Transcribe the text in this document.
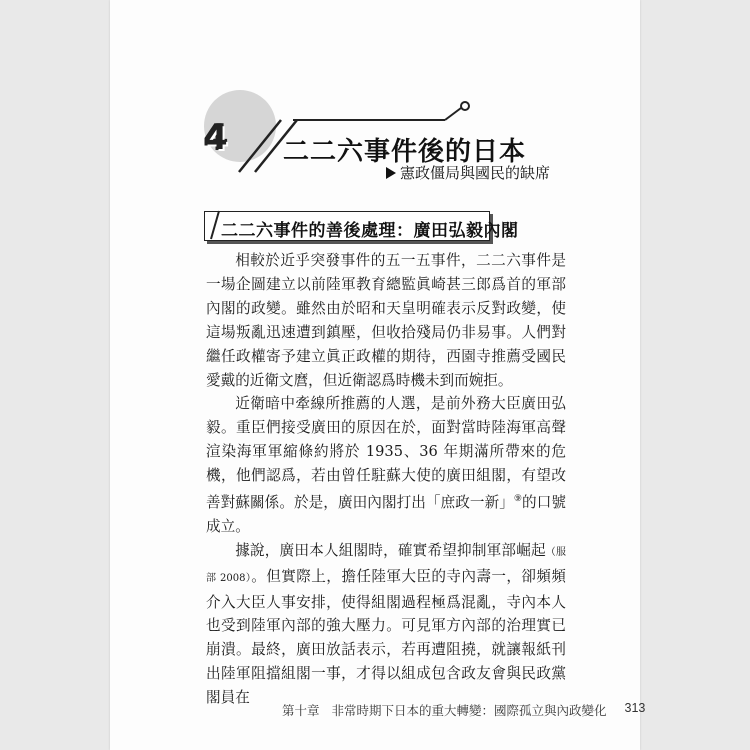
4 二二六事件後的日本
憲政僵局與國民的缺席
二二六事件的善後處理：廣田弘毅內閣

相較於近乎突發事件的五一五事件，二二六事件是一場企圖建立以前陸軍教育總監眞崎甚三郎爲首的軍部內閣的政變。雖然由於昭和天皇明確表示反對政變，使這場叛亂迅速遭到鎮壓，但收拾殘局仍非易事。人們對繼任政權寄予建立眞正政權的期待，西園寺推薦受國民愛戴的近衛文麿，但近衛認爲時機未到而婉拒。

近衛暗中牽線所推薦的人選，是前外務大臣廣田弘毅。重臣們接受廣田的原因在於，面對當時陸海軍高聲渲染海軍軍縮條約將於 1935、36 年期滿所帶來的危機，他們認爲，若由曾任駐蘇大使的廣田組閣，有望改善對蘇關係。於是，廣田內閣打出「庶政一新」⑨的口號成立。

據說，廣田本人組閣時，確實希望抑制軍部崛起（服部 2008）。但實際上，擔任陸軍大臣的寺內壽一，卻頻頻介入大臣人事安排，使得組閣過程極爲混亂，寺內本人也受到陸軍內部的強大壓力。可見軍方內部的治理實已崩潰。最終，廣田放話表示，若再遭阻撓，就讓報紙刊出陸軍阻擋組閣一事，才得以組成包含政友會與民政黨閣員在

第十章 非常時期下日本的重大轉變：國際孤立與內政變化 313
